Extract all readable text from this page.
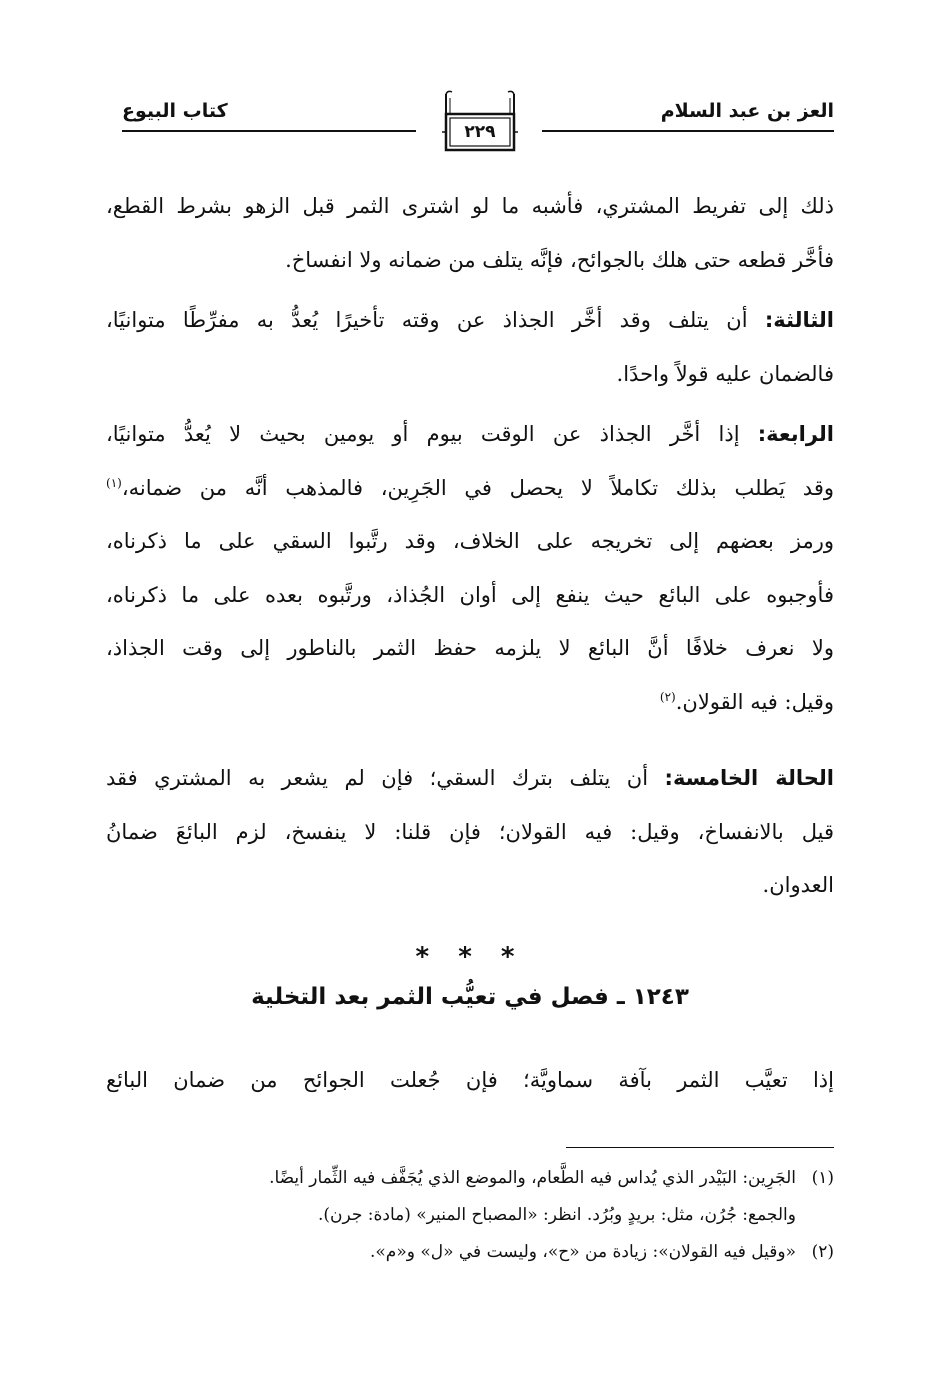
العز بن عبد السلام
٢٢٩
كتاب البيوع

ذلك إلى تفريط المشتري، فأشبه ما لو اشترى الثمر قبل الزهو بشرط القطع،

فأخَّر قطعه حتى هلك بالجوائح، فإنَّه يتلف من ضمانه ولا انفساخ.

الثالثة: أن يتلف وقد أخَّر الجذاذ عن وقته تأخيرًا يُعدُّ به مفرِّطًا متوانيًا،

فالضمان عليه قولاً واحدًا.

الرابعة: إذا أخَّر الجذاذ عن الوقت بيوم أو يومين بحيث لا يُعدُّ متوانيًا،

وقد يَطلب بذلك تكاملاً لا يحصل في الجَرِين، فالمذهب أنَّه من ضمانه،$^{(١)}$

ورمز بعضهم إلى تخريجه على الخلاف، وقد رتَّبوا السقي على ما ذكرناه،

فأوجبوه على البائع حيث ينفع إلى أوان الجُذاذ، ورتَّبوه بعده على ما ذكرناه،

ولا نعرف خلافًا أنَّ البائع لا يلزمه حفظ الثمر بالناطور إلى وقت الجذاذ،

وقيل: فيه القولان.$^{(٢)}$

الحالة الخامسة: أن يتلف بترك السقي؛ فإن لم يشعر به المشتري فقد

قيل بالانفساخ، وقيل: فيه القولان؛ فإن قلنا: لا ينفسخ، لزم البائعَ ضمانُ

العدوان.

* * *
١٢٤٣ ـ فصل في تعيُّب الثمر بعد التخلية
إذا تعيَّب الثمر بآفة سماويَّة؛ فإن جُعلت الجوائح من ضمان البائع

(١)الجَرِين: البَيْدر الذي يُداس فيه الطَّعام، والموضع الذي يُجَفَّف فيه الثِّمار أيضًا.

والجمع: جُرُن، مثل: بريدٍ وبُرُد. انظر: «المصباح المنير» (مادة: جرن).

(٢)«وقيل فيه القولان»: زيادة من «ح»، وليست في «ل» و«م».
